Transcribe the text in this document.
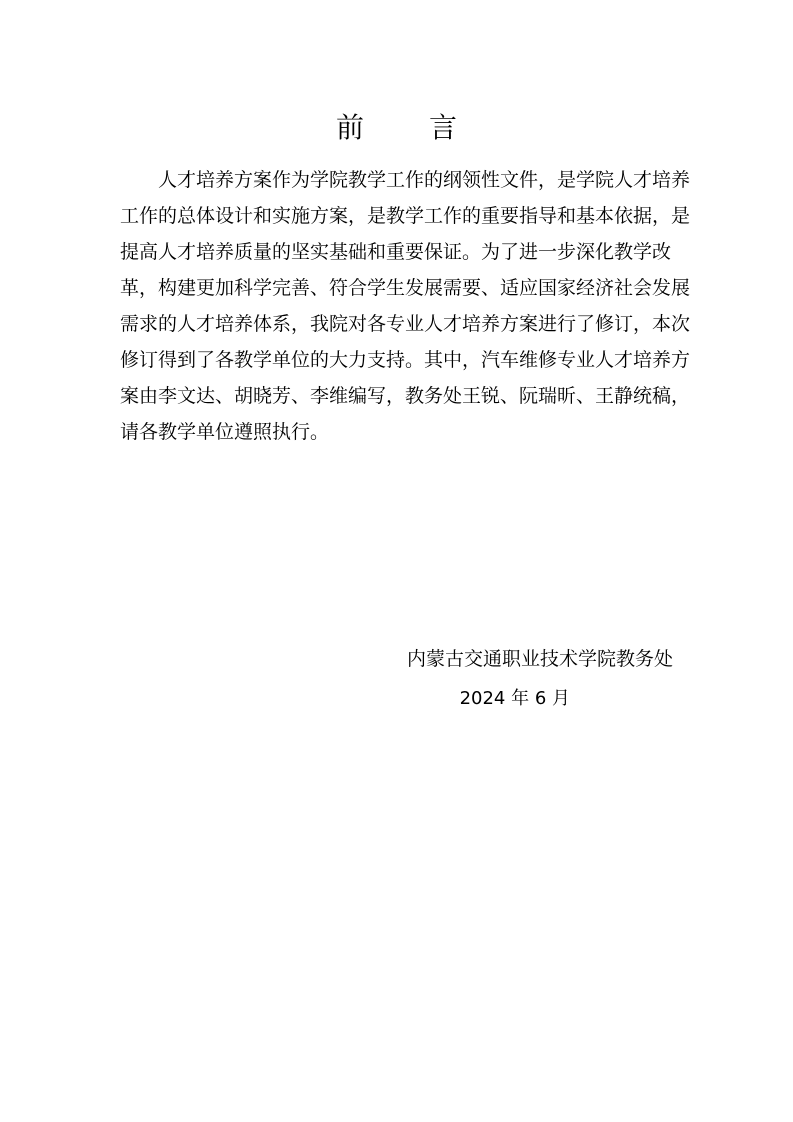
前 言
　　人才培养方案作为学院教学工作的纲领性文件，是学院人才培养
工作的总体设计和实施方案，是教学工作的重要指导和基本依据，是
提高人才培养质量的坚实基础和重要保证。为了进一步深化教学改
革，构建更加科学完善、符合学生发展需要、适应国家经济社会发展
需求的人才培养体系，我院对各专业人才培养方案进行了修订，本次
修订得到了各教学单位的大力支持。其中，汽车维修专业人才培养方
案由李文达、胡晓芳、李维编写，教务处王锐、阮瑞昕、王静统稿，
请各教学单位遵照执行。
内蒙古交通职业技术学院教务处
2024 年 6 月
